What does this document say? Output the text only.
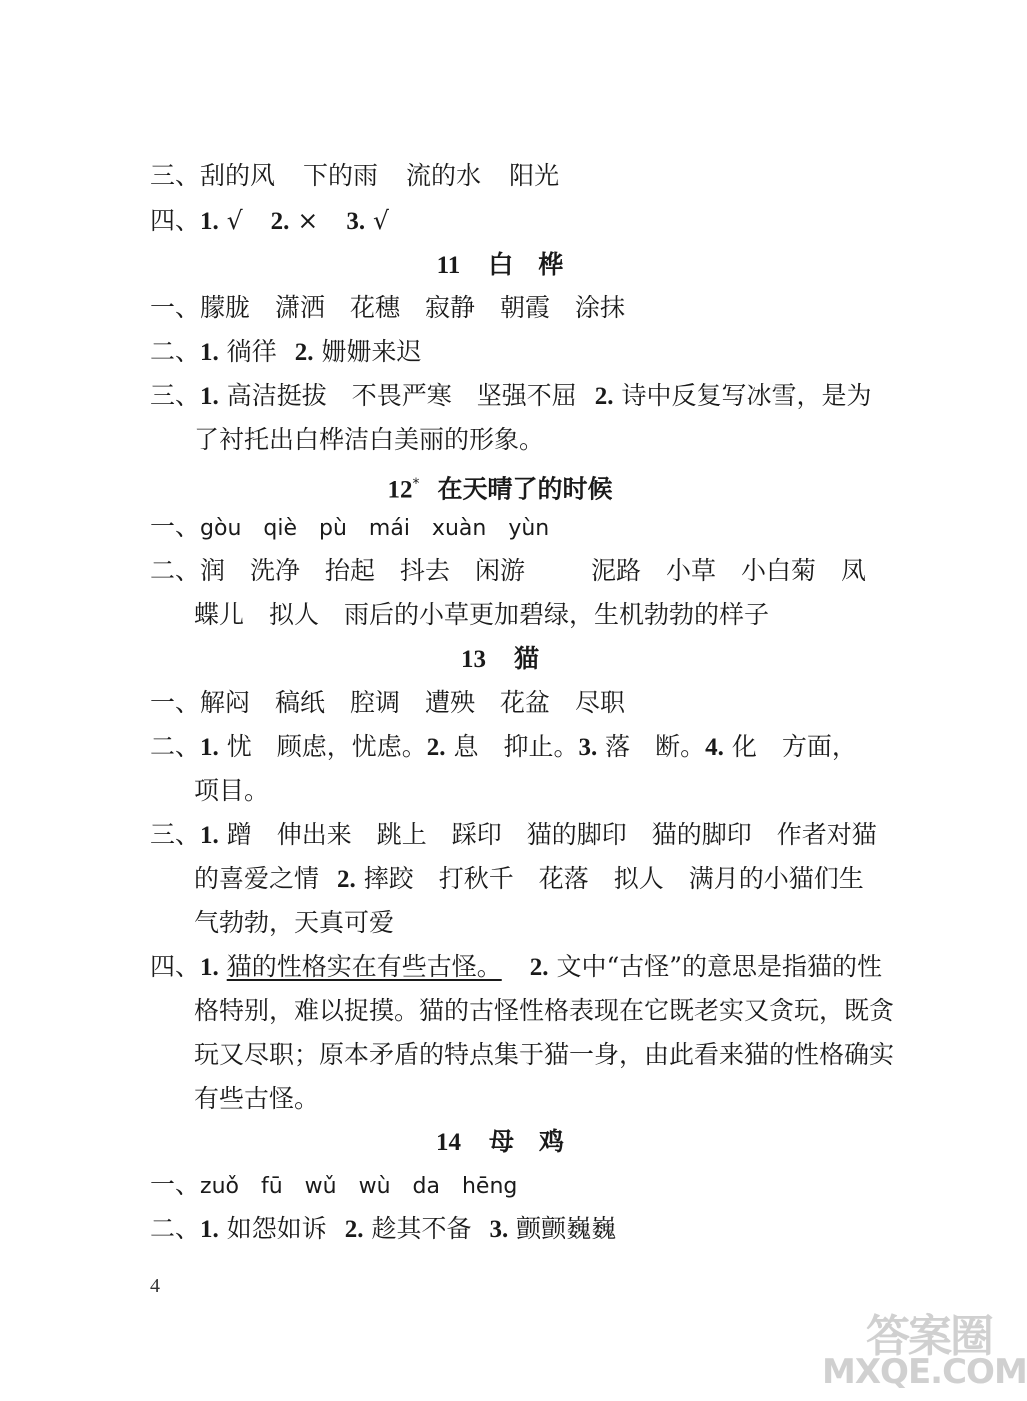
三、刮的风 下的雨 流的水 阳光
四、1. √ 2. × 3. √
11 白　桦
一、朦胧　潇洒　花穗　寂静　朝霞　涂抹
二、1. 徜徉 2. 姗姗来迟
三、1. 高洁挺拔　不畏严寒　坚强不屈 2. 诗中反复写冰雪，是为
了衬托出白桦洁白美丽的形象。
12* 在天晴了的时候
一、gòu　qiè　pù　mái　xuàn　yùn
二、润　洗净　抬起　抖去　闲游	泥路　小草　小白菊　凤
蝶儿　拟人　雨后的小草更加碧绿，生机勃勃的样子
13 猫
一、解闷　稿纸　腔调　遭殃　花盆　尽职
二、1. 忧　顾虑，忧虑。2. 息　抑止。3. 落　断。4. 化　方面，
项目。
三、1. 蹭　伸出来　跳上　踩印　猫的脚印　猫的脚印　作者对猫
的喜爱之情 2. 摔跤　打秋千　花落　拟人　满月的小猫们生
气勃勃，天真可爱
四、1. 猫的性格实在有些古怪。 2. 文中“古怪”的意思是指猫的性
格特别，难以捉摸。猫的古怪性格表现在它既老实又贪玩，既贪
玩又尽职；原本矛盾的特点集于猫一身，由此看来猫的性格确实
有些古怪。
14 母　鸡
一、zuǒ　fū　wǔ　wù　da　hēng
二、1. 如怨如诉 2. 趁其不备 3. 颤颤巍巍
4
答案圈
MXQE.COM
